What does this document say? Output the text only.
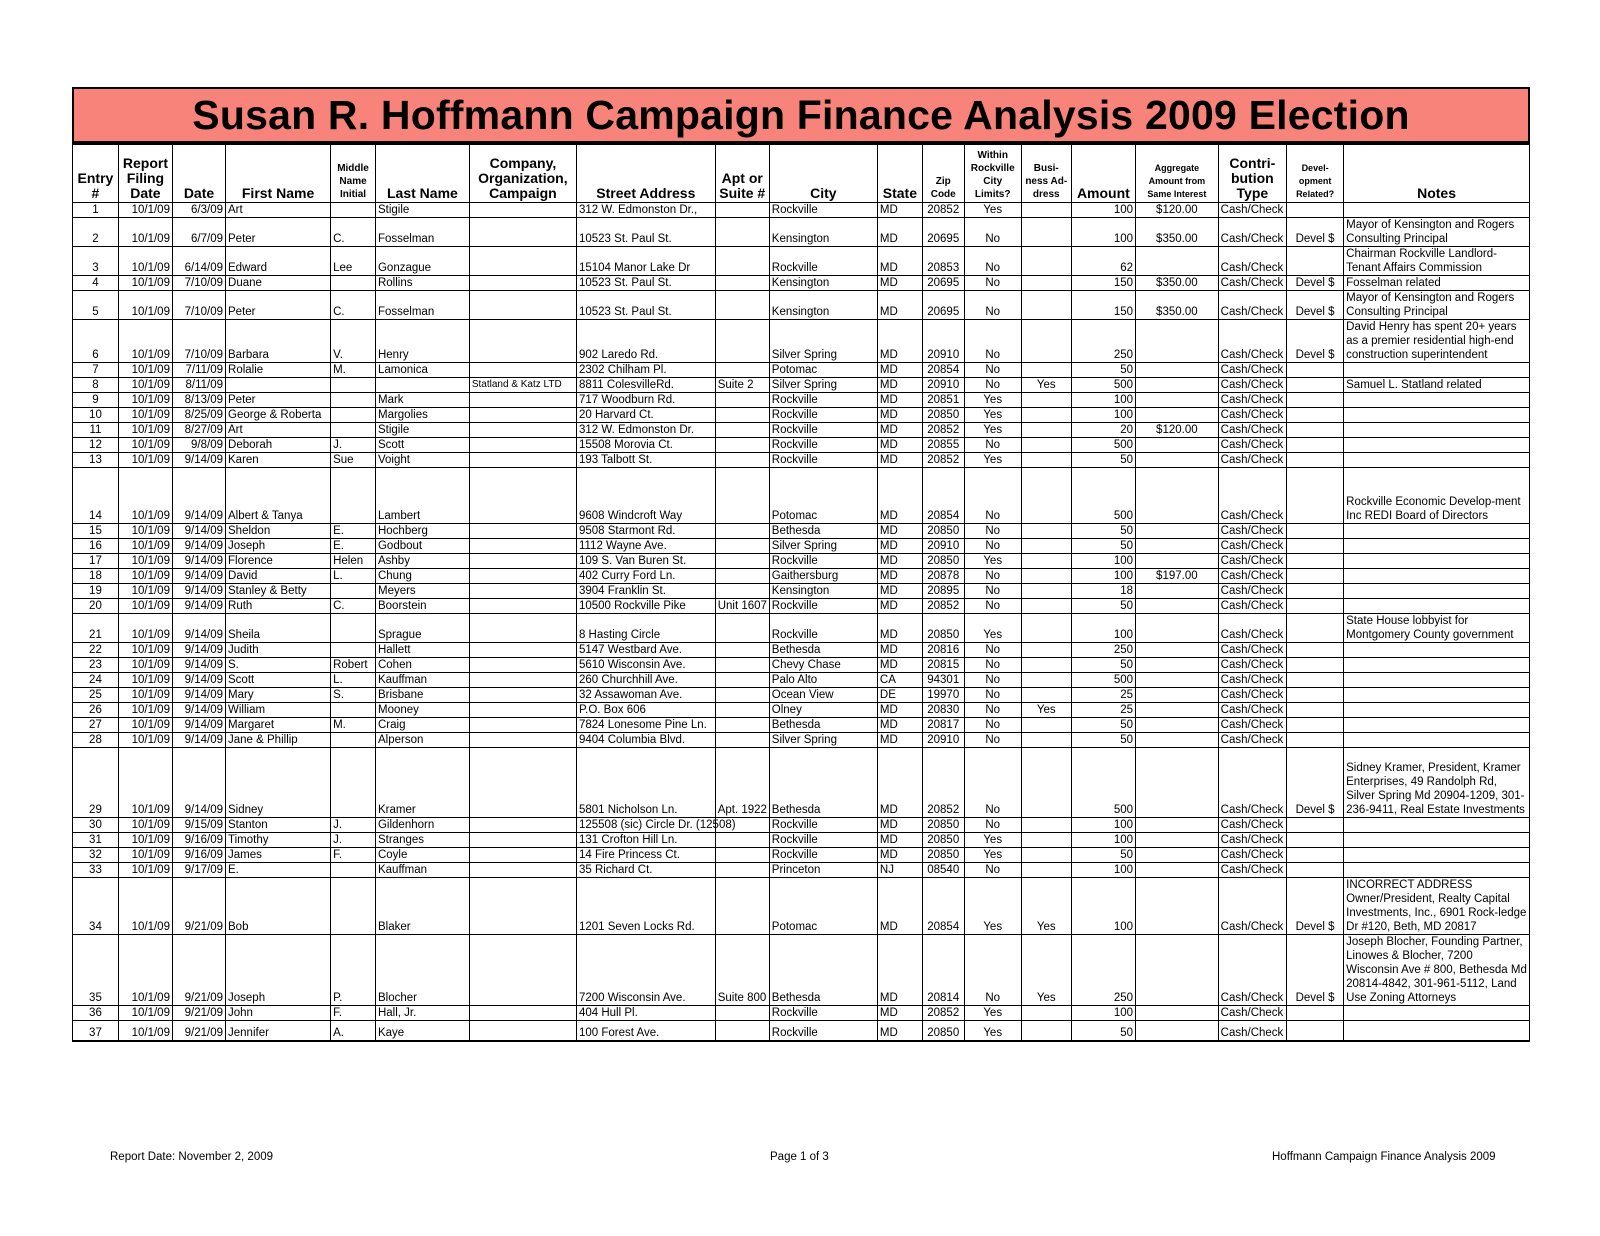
Susan R. Hoffmann Campaign Finance Analysis 2009 Election
Entry
#	Report
Filing
Date	Date	First Name	Middle
Name
Initial	Last Name	Company,
Organization,
Campaign	Street Address	Apt or
Suite #	City	State	Zip
Code	Within
Rockville
City
Limits?	Busi-
ness Ad-
dress	Amount	Aggregate
Amount from
Same Interest	Contri-
bution
Type	Devel-
opment
Related?	Notes

1	10/1/09	6/3/09	Art		Stigile		312 W. Edmonston Dr.,		Rockville	MD	20852	Yes		100	$120.00	Cash/Check		
2	10/1/09	6/7/09	Peter	C.	Fosselman		10523 St. Paul St.		Kensington	MD	20695	No		100	$350.00	Cash/Check	Devel $	Mayor of Kensington and Rogers Consulting Principal
3	10/1/09	6/14/09	Edward	Lee	Gonzague		15104 Manor Lake Dr		Rockville	MD	20853	No		62		Cash/Check		Chairman Rockville Landlord-Tenant Affairs Commission
4	10/1/09	7/10/09	Duane		Rollins		10523 St. Paul St.		Kensington	MD	20695	No		150	$350.00	Cash/Check	Devel $	Fosselman related
5	10/1/09	7/10/09	Peter	C.	Fosselman		10523 St. Paul St.		Kensington	MD	20695	No		150	$350.00	Cash/Check	Devel $	Mayor of Kensington and Rogers Consulting Principal
6	10/1/09	7/10/09	Barbara	V.	Henry		902 Laredo Rd.		Silver Spring	MD	20910	No		250		Cash/Check	Devel $	David Henry has spent 20+ years as a premier residential high-end construction superintendent
7	10/1/09	7/11/09	Rolalie	M.	Lamonica		2302 Chilham Pl.		Potomac	MD	20854	No		50		Cash/Check		
8	10/1/09	8/11/09				Statland & Katz LTD	8811 ColesvilleRd.	Suite 2	Silver Spring	MD	20910	No	Yes	500		Cash/Check		Samuel L. Statland related
9	10/1/09	8/13/09	Peter		Mark		717 Woodburn Rd.		Rockville	MD	20851	Yes		100		Cash/Check		
10	10/1/09	8/25/09	George & Roberta		Margolies		20 Harvard Ct.		Rockville	MD	20850	Yes		100		Cash/Check		
11	10/1/09	8/27/09	Art		Stigile		312 W. Edmonston Dr.		Rockville	MD	20852	Yes		20	$120.00	Cash/Check		
12	10/1/09	9/8/09	Deborah	J.	Scott		15508 Morovia Ct.		Rockville	MD	20855	No		500		Cash/Check		
13	10/1/09	9/14/09	Karen	Sue	Voight		193 Talbott St.		Rockville	MD	20852	Yes		50		Cash/Check		
14	10/1/09	9/14/09	Albert & Tanya		Lambert		9608 Windcroft Way		Potomac	MD	20854	No		500		Cash/Check		Rockville Economic Develop-ment Inc REDI Board of Directors
15	10/1/09	9/14/09	Sheldon	E.	Hochberg		9508 Starmont Rd.		Bethesda	MD	20850	No		50		Cash/Check		
16	10/1/09	9/14/09	Joseph	E.	Godbout		1112 Wayne Ave.		Silver Spring	MD	20910	No		50		Cash/Check		
17	10/1/09	9/14/09	Florence	Helen	Ashby		109 S. Van Buren St.		Rockville	MD	20850	Yes		100		Cash/Check		
18	10/1/09	9/14/09	David	L.	Chung		402 Curry Ford Ln.		Gaithersburg	MD	20878	No		100	$197.00	Cash/Check		
19	10/1/09	9/14/09	Stanley & Betty		Meyers		3904 Franklin St.		Kensington	MD	20895	No		18		Cash/Check		
20	10/1/09	9/14/09	Ruth	C.	Boorstein		10500 Rockville Pike	Unit 1607	Rockville	MD	20852	No		50		Cash/Check		
21	10/1/09	9/14/09	Sheila		Sprague		8 Hasting Circle		Rockville	MD	20850	Yes		100		Cash/Check		State House lobbyist for Montgomery County government
22	10/1/09	9/14/09	Judith		Hallett		5147 Westbard Ave.		Bethesda	MD	20816	No		250		Cash/Check		
23	10/1/09	9/14/09	S.	Robert	Cohen		5610 Wisconsin Ave.		Chevy Chase	MD	20815	No		50		Cash/Check		
24	10/1/09	9/14/09	Scott	L.	Kauffman		260 Churchhill Ave.		Palo Alto	CA	94301	No		500		Cash/Check		
25	10/1/09	9/14/09	Mary	S.	Brisbane		32 Assawoman Ave.		Ocean View	DE	19970	No		25		Cash/Check		
26	10/1/09	9/14/09	William		Mooney		P.O. Box 606		Olney	MD	20830	No	Yes	25		Cash/Check		
27	10/1/09	9/14/09	Margaret	M.	Craig		7824 Lonesome Pine Ln.		Bethesda	MD	20817	No		50		Cash/Check		
28	10/1/09	9/14/09	Jane & Phillip		Alperson		9404 Columbia Blvd.		Silver Spring	MD	20910	No		50		Cash/Check		
29	10/1/09	9/14/09	Sidney		Kramer		5801 Nicholson Ln.	Apt. 1922	Bethesda	MD	20852	No		500		Cash/Check	Devel $	Sidney Kramer, President, Kramer Enterprises, 49 Randolph Rd, Silver Spring Md 20904-1209, 301-236-9411, Real Estate Investments
30	10/1/09	9/15/09	Stanton	J.	Gildenhorn		125508 (sic) Circle Dr. (12508)		Rockville	MD	20850	No		100		Cash/Check		
31	10/1/09	9/16/09	Timothy	J.	Stranges		131 Crofton Hill Ln.		Rockville	MD	20850	Yes		100		Cash/Check		
32	10/1/09	9/16/09	James	F.	Coyle		14 Fire Princess Ct.		Rockville	MD	20850	Yes		50		Cash/Check		
33	10/1/09	9/17/09	E.		Kauffman		35 Richard Ct.		Princeton	NJ	08540	No		100		Cash/Check		
34	10/1/09	9/21/09	Bob		Blaker		1201 Seven Locks Rd.		Potomac	MD	20854	Yes	Yes	100		Cash/Check	Devel $	INCORRECT ADDRESS Owner/President, Realty Capital Investments, Inc., 6901 Rock-ledge Dr #120, Beth, MD 20817
35	10/1/09	9/21/09	Joseph	P.	Blocher		7200 Wisconsin Ave.	Suite 800	Bethesda	MD	20814	No	Yes	250		Cash/Check	Devel $	Joseph Blocher, Founding Partner, Linowes & Blocher, 7200 Wisconsin Ave # 800, Bethesda Md 20814-4842, 301-961-5112, Land Use Zoning Attorneys
36	10/1/09	9/21/09	John	F.	Hall, Jr.		404 Hull Pl.		Rockville	MD	20852	Yes		100		Cash/Check		
37	10/1/09	9/21/09	Jennifer	A.	Kaye		100 Forest Ave.		Rockville	MD	20850	Yes		50		Cash/Check		
Report Date: November 2, 2009	Page 1 of 3	Hoffmann Campaign Finance Analysis 2009
